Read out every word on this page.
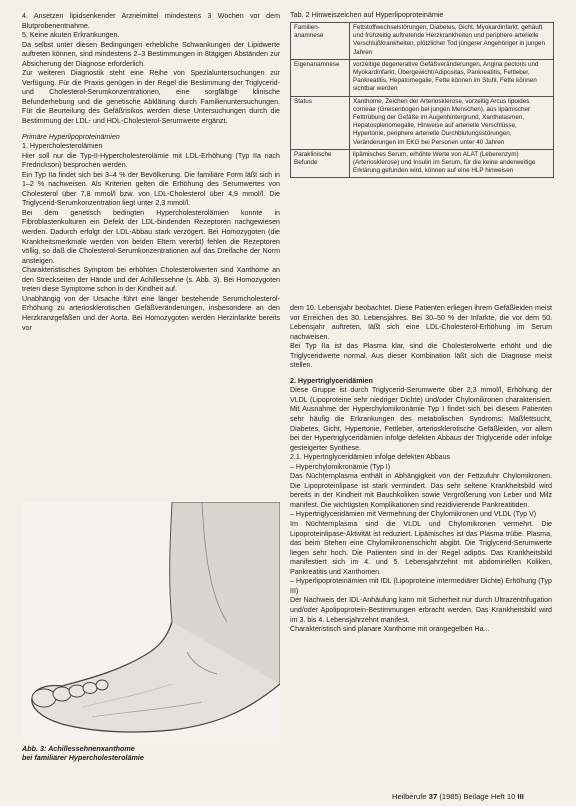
4. Ansetzen lipidsenkender Arzneimittel mindestens 3 Wochen vor dem Blutprobenentnahme.

5. Keine akuten Erkrankungen.

Da selbst unter diesen Bedingungen erhebliche Schwankungen der Lipidwerte auftreten können, sind mindestens 2–3 Bestimmungen in 8tägigen Abständen zur Absicherung der Diagnose erforderlich.

Zur weiteren Diagnostik steht eine Reihe von Spezialuntersuchungen zur Verfügung. Für die Praxis genügen in der Regel die Bestimmung der Triglycerid- und Cholesterol-Serumkonzentrationen, eine sorgfältige klinische Befunderhebung und die genetische Abklärung durch Familienuntersuchungen. Für die Beurteilung des Gefäßrisikos werden diese Untersuchungen durch die Bestimmung der LDL- und HDL-Cholesterol-Serumwerte ergänzt.

Primäre Hyperlipoproteinämien

1. Hypercholesterolämien

Hier soll nur die Typ-II-Hypercholesterolämie mit LDL-Erhöhung (Typ IIa nach Fredrickson) besprochen werden.

Ein Typ IIa findet sich bei 3–4 % der Bevölkerung. Die familiäre Form läßt sich in 1–2 % nachweisen. Als Kriterien gelten die Erhöhung des Serumwertes von Cholesterol über 7,8 mmol/l bzw. von LDL-Cholesterol über 4,9 mmol/l. Die Triglycerid-Serumkonzentration liegt unter 2,3 mmol/l.

Bei dem genetisch bedingten Hypercholesterolämien konnte in Fibroblastenkulturen ein Defekt der LDL-bindenden Rezeptoren nachgewiesen werden. Dadurch erfolgt der LDL-Abbau stark verzögert. Bei Homozygoten (die Krankheitsmerkmale werden von beiden Eltern vererbt) fehlen die Rezeptoren völlig, so daß die Cholesterol-Serumkonzentrationen auf das Dreifache der Norm ansteigen.

Charakteristisches Symptom bei erhöhten Cholesterolwerten sind Xanthome an den Streckseiten der Hände und der Achillessehne (s. Abb. 3). Bei Homozygoten treten diese Symptome schon in der Kindheit auf.

Unabhängig von der Ursache führt eine länger bestehende Serumcholesterol-Erhöhung zu arteriosklerotischen Gefäßveränderungen, insbesondere an den Herzkranzgefäßen und der Aorta. Bei Homozygoten werden Herzinfarkte bereits vor

Tab. 2 Hinweiszeichen auf Hyperlipoproteinämie
Familien-anamnese	Fettstoffwechselstörungen, Diabetes, Gicht, Myokardinfarkt, gehäuft und frühzeitig auftretende Herzkrankheiten und periphere arterielle Verschlußkrankheiten, plötzlicher Tod jüngerer Angehöriger in jungen Jahren
Eigenanamnese	vorzeitige degenerative Gefäßveränderungen, Angina pectoris und Myokardinfarkt, Übergewicht/Adipositas, Pankreatitis, Fettleber, Pankreatitis, Hepatomegalie, Fette können im Stuhl, Fette können sichtbar werden
Status	Xanthome, Zeichen der Arteriosklerose, vorzeitig Arcus lipoides corneae (Greisenbogen bei jungen Menschen), aus lipämischer Fetttrübung der Gefäße im Augenhintergrund, Xanthelasmen, Hepatosplenomegalie, Hinweise auf arterielle Verschlüsse, Hypertonie, periphere arterielle Durchblutungsstörungen, Veränderungen im EKG bei Personen unter 40 Jahren
Paraklinische Befunde	lipämisches Serum, erhöhte Werte von ALAT (Leberenzym) (Arteriosklerose) und Insulin im Serum, für die keine anderweitige Erklärung gefunden wird, können auf eine HLP hinweisen

dem 10. Lebensjahr beobachtet. Diese Patienten erliegen ihrem Gefäßleiden meist vor Erreichen des 30. Lebensjahres. Bei 30–50 % der Infarkte, die vor dem 50. Lebensjahr auftreten, läßt sich eine LDL-Cholesterol-Erhöhung im Serum nachweisen.

Bei Typ IIa ist das Plasma klar, sind die Cholesterolwerte erhöht und die Triglyceridwerte normal. Aus dieser Kombination läßt sich die Diagnose meist stellen.

2. Hypertriglyceridämien

Diese Gruppe ist durch Triglycerid-Serumwerte über 2,3 mmol/l, Erhöhung der VLDL (Lipoproteine sehr niedriger Dichte) und/oder Chylomikronen charakterisiert. Mit Ausnahme der Hyperchylomikronämie Typ I findet sich bei diesem Patienten sehr häufig die Erkrankungen des metabolischen Syndroms: Maßfettsucht, Diabetes, Gicht, Hypertonie, Fettleber, arteriosklerotische Gefäßleiden, vor allem bei der Hypertriglyceridämien infolge defekten Abbaus der Triglyceride oder infolge gesteigerter Synthese.

2.1. Hypertriglyceridämien infolge defekten Abbaus

– Hyperchylomikronämie (Typ I)

Das Nüchternplasma enthält in Abhängigkeit von der Fettzufuhr Chylomikronen. Die Lipoproteinlipase ist stark vermindert. Das sehr seltene Krankheitsbild wird bereits in der Kindheit mit Bauchkoliken sowie Vergrößerung von Leber und Milz manifest. Die wichtigsten Komplikationen sind rezidivierende Pankreatitiden.

– Hypertriglyceridämien mit Vermehrung der Chylomikronen und VLDL (Typ V)

Im Nüchternplasma sind die VLDL und Chylomikronen vermehrt. Die Lipoproteinlipase-Aktivität ist reduziert. Lipämisches ist das Plasma trübe. Plasma, das beim Stehen eine Chylomikronenschicht abgibt. Die Triglycerid-Serumwerte liegen sehr hoch. Die Patienten sind in der Regel adipös. Das Krankheitsbild manifestiert sich im 4. und 5. Lebensjahrzehnt mit abdominellen Koliken, Pankreatitis und Xanthomen.

– Hyperlipoproteinämien mit IDL (Lipoproteine intermediärer Dichte) Erhöhung (Typ III)

Der Nachweis der IDL-Anhäufung kann mit Sicherheit nur durch Ultrazentrifugation und/oder Apolipoprotein-Bestimmungen erbracht werden. Das Krankheitsbild wird im 3. bis 4. Lebensjahrzehnt manifest.

Charakteristisch sind planare Xanthome mit orangegelben Ha...

Abb. 3: Achillessehnenxanthome
bei familiärer Hypercholesterolämie
Heilberufe 37 (1985) Beilage Heft 10 III
